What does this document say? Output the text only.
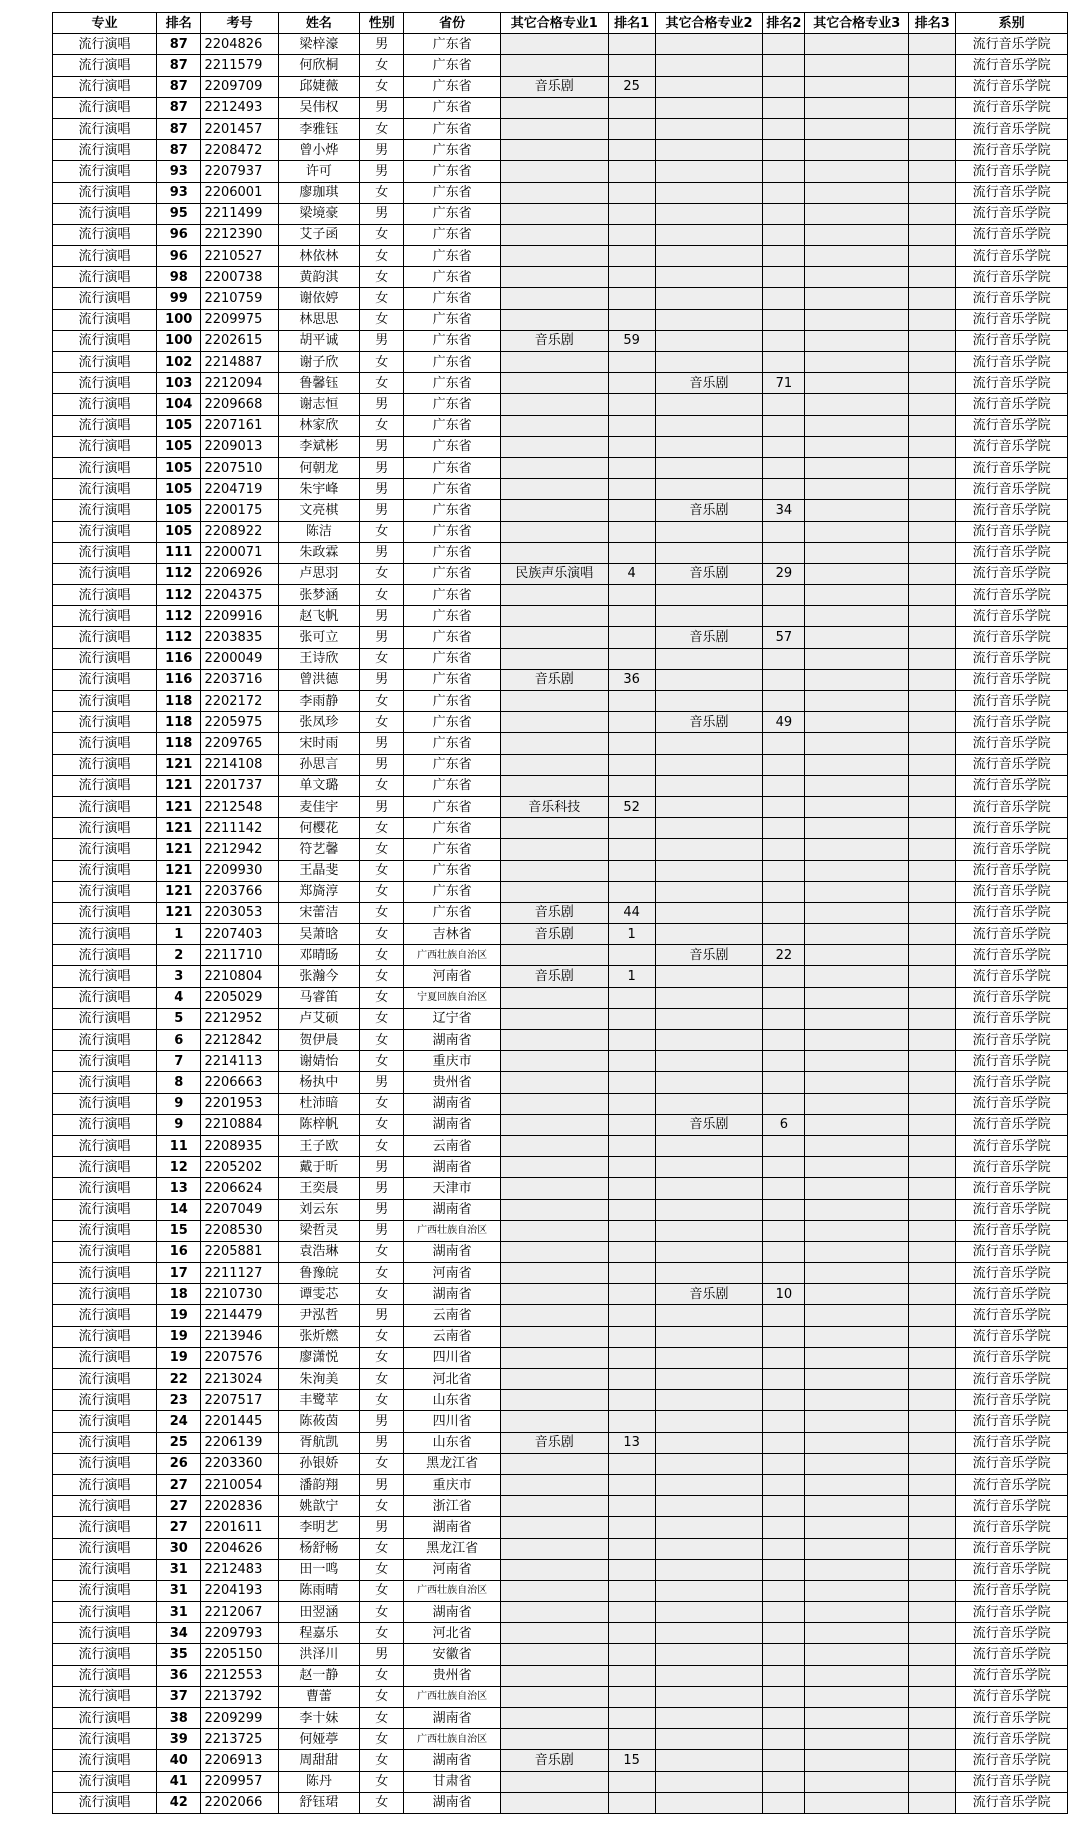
专业	排名	考号	姓名	性别	省份	其它合格专业1	排名1	其它合格专业2	排名2	其它合格专业3	排名3	系别
流行演唱	87	2204826	梁梓濠	男	广东省							流行音乐学院
流行演唱	87	2211579	何欣桐	女	广东省							流行音乐学院
流行演唱	87	2209709	邱婕薇	女	广东省	音乐剧	25					流行音乐学院
流行演唱	87	2212493	吴伟权	男	广东省							流行音乐学院
流行演唱	87	2201457	李雅钰	女	广东省							流行音乐学院
流行演唱	87	2208472	曾小烨	男	广东省							流行音乐学院
流行演唱	93	2207937	许可	男	广东省							流行音乐学院
流行演唱	93	2206001	廖珈琪	女	广东省							流行音乐学院
流行演唱	95	2211499	梁境豪	男	广东省							流行音乐学院
流行演唱	96	2212390	艾子函	女	广东省							流行音乐学院
流行演唱	96	2210527	林依林	女	广东省							流行音乐学院
流行演唱	98	2200738	黄韵淇	女	广东省							流行音乐学院
流行演唱	99	2210759	谢依婷	女	广东省							流行音乐学院
流行演唱	100	2209975	林思思	女	广东省							流行音乐学院
流行演唱	100	2202615	胡平诚	男	广东省	音乐剧	59					流行音乐学院
流行演唱	102	2214887	谢子欣	女	广东省							流行音乐学院
流行演唱	103	2212094	鲁馨钰	女	广东省			音乐剧	71			流行音乐学院
流行演唱	104	2209668	谢志恒	男	广东省							流行音乐学院
流行演唱	105	2207161	林家欣	女	广东省							流行音乐学院
流行演唱	105	2209013	李斌彬	男	广东省							流行音乐学院
流行演唱	105	2207510	何朝龙	男	广东省							流行音乐学院
流行演唱	105	2204719	朱宇峰	男	广东省							流行音乐学院
流行演唱	105	2200175	文亮棋	男	广东省			音乐剧	34			流行音乐学院
流行演唱	105	2208922	陈洁	女	广东省							流行音乐学院
流行演唱	111	2200071	朱政霖	男	广东省							流行音乐学院
流行演唱	112	2206926	卢思羽	女	广东省	民族声乐演唱	4	音乐剧	29			流行音乐学院
流行演唱	112	2204375	张梦涵	女	广东省							流行音乐学院
流行演唱	112	2209916	赵飞帆	男	广东省							流行音乐学院
流行演唱	112	2203835	张可立	男	广东省			音乐剧	57			流行音乐学院
流行演唱	116	2200049	王诗欣	女	广东省							流行音乐学院
流行演唱	116	2203716	曾洪德	男	广东省	音乐剧	36					流行音乐学院
流行演唱	118	2202172	李雨静	女	广东省							流行音乐学院
流行演唱	118	2205975	张凤珍	女	广东省			音乐剧	49			流行音乐学院
流行演唱	118	2209765	宋时雨	男	广东省							流行音乐学院
流行演唱	121	2214108	孙思言	男	广东省							流行音乐学院
流行演唱	121	2201737	单文璐	女	广东省							流行音乐学院
流行演唱	121	2212548	麦佳宇	男	广东省	音乐科技	52					流行音乐学院
流行演唱	121	2211142	何樱花	女	广东省							流行音乐学院
流行演唱	121	2212942	符艺馨	女	广东省							流行音乐学院
流行演唱	121	2209930	王晶斐	女	广东省							流行音乐学院
流行演唱	121	2203766	郑旖淳	女	广东省							流行音乐学院
流行演唱	121	2203053	宋蕾洁	女	广东省	音乐剧	44					流行音乐学院
流行演唱	1	2207403	吴萧晗	女	吉林省	音乐剧	1					流行音乐学院
流行演唱	2	2211710	邓晴旸	女	广西壮族自治区			音乐剧	22			流行音乐学院
流行演唱	3	2210804	张瀚今	女	河南省	音乐剧	1					流行音乐学院
流行演唱	4	2205029	马睿笛	女	宁夏回族自治区							流行音乐学院
流行演唱	5	2212952	卢艾硕	女	辽宁省							流行音乐学院
流行演唱	6	2212842	贺伊晨	女	湖南省							流行音乐学院
流行演唱	7	2214113	谢婧怡	女	重庆市							流行音乐学院
流行演唱	8	2206663	杨执中	男	贵州省							流行音乐学院
流行演唱	9	2201953	杜沛暗	女	湖南省							流行音乐学院
流行演唱	9	2210884	陈梓帆	女	湖南省			音乐剧	6			流行音乐学院
流行演唱	11	2208935	王子欧	女	云南省							流行音乐学院
流行演唱	12	2205202	戴于昕	男	湖南省							流行音乐学院
流行演唱	13	2206624	王奕晨	男	天津市							流行音乐学院
流行演唱	14	2207049	刘云东	男	湖南省							流行音乐学院
流行演唱	15	2208530	梁哲灵	男	广西壮族自治区							流行音乐学院
流行演唱	16	2205881	袁浩琳	女	湖南省							流行音乐学院
流行演唱	17	2211127	鲁豫皖	女	河南省							流行音乐学院
流行演唱	18	2210730	谭雯芯	女	湖南省			音乐剧	10			流行音乐学院
流行演唱	19	2214479	尹泓哲	男	云南省							流行音乐学院
流行演唱	19	2213946	张炘燃	女	云南省							流行音乐学院
流行演唱	19	2207576	廖潇悦	女	四川省							流行音乐学院
流行演唱	22	2213024	朱洵美	女	河北省							流行音乐学院
流行演唱	23	2207517	丰鹭苹	女	山东省							流行音乐学院
流行演唱	24	2201445	陈莜茵	男	四川省							流行音乐学院
流行演唱	25	2206139	胥航凯	男	山东省	音乐剧	13					流行音乐学院
流行演唱	26	2203360	孙银娇	女	黑龙江省							流行音乐学院
流行演唱	27	2210054	潘韵翔	男	重庆市							流行音乐学院
流行演唱	27	2202836	姚歆宁	女	浙江省							流行音乐学院
流行演唱	27	2201611	李明艺	男	湖南省							流行音乐学院
流行演唱	30	2204626	杨舒畅	女	黑龙江省							流行音乐学院
流行演唱	31	2212483	田一鸣	女	河南省							流行音乐学院
流行演唱	31	2204193	陈雨晴	女	广西壮族自治区							流行音乐学院
流行演唱	31	2212067	田翌涵	女	湖南省							流行音乐学院
流行演唱	34	2209793	程嘉乐	女	河北省							流行音乐学院
流行演唱	35	2205150	洪泽川	男	安徽省							流行音乐学院
流行演唱	36	2212553	赵一静	女	贵州省							流行音乐学院
流行演唱	37	2213792	曹蕾	女	广西壮族自治区							流行音乐学院
流行演唱	38	2209299	李十妹	女	湖南省							流行音乐学院
流行演唱	39	2213725	何娅葶	女	广西壮族自治区							流行音乐学院
流行演唱	40	2206913	周甜甜	女	湖南省	音乐剧	15					流行音乐学院
流行演唱	41	2209957	陈丹	女	甘肃省							流行音乐学院
流行演唱	42	2202066	舒钰珺	女	湖南省							流行音乐学院
